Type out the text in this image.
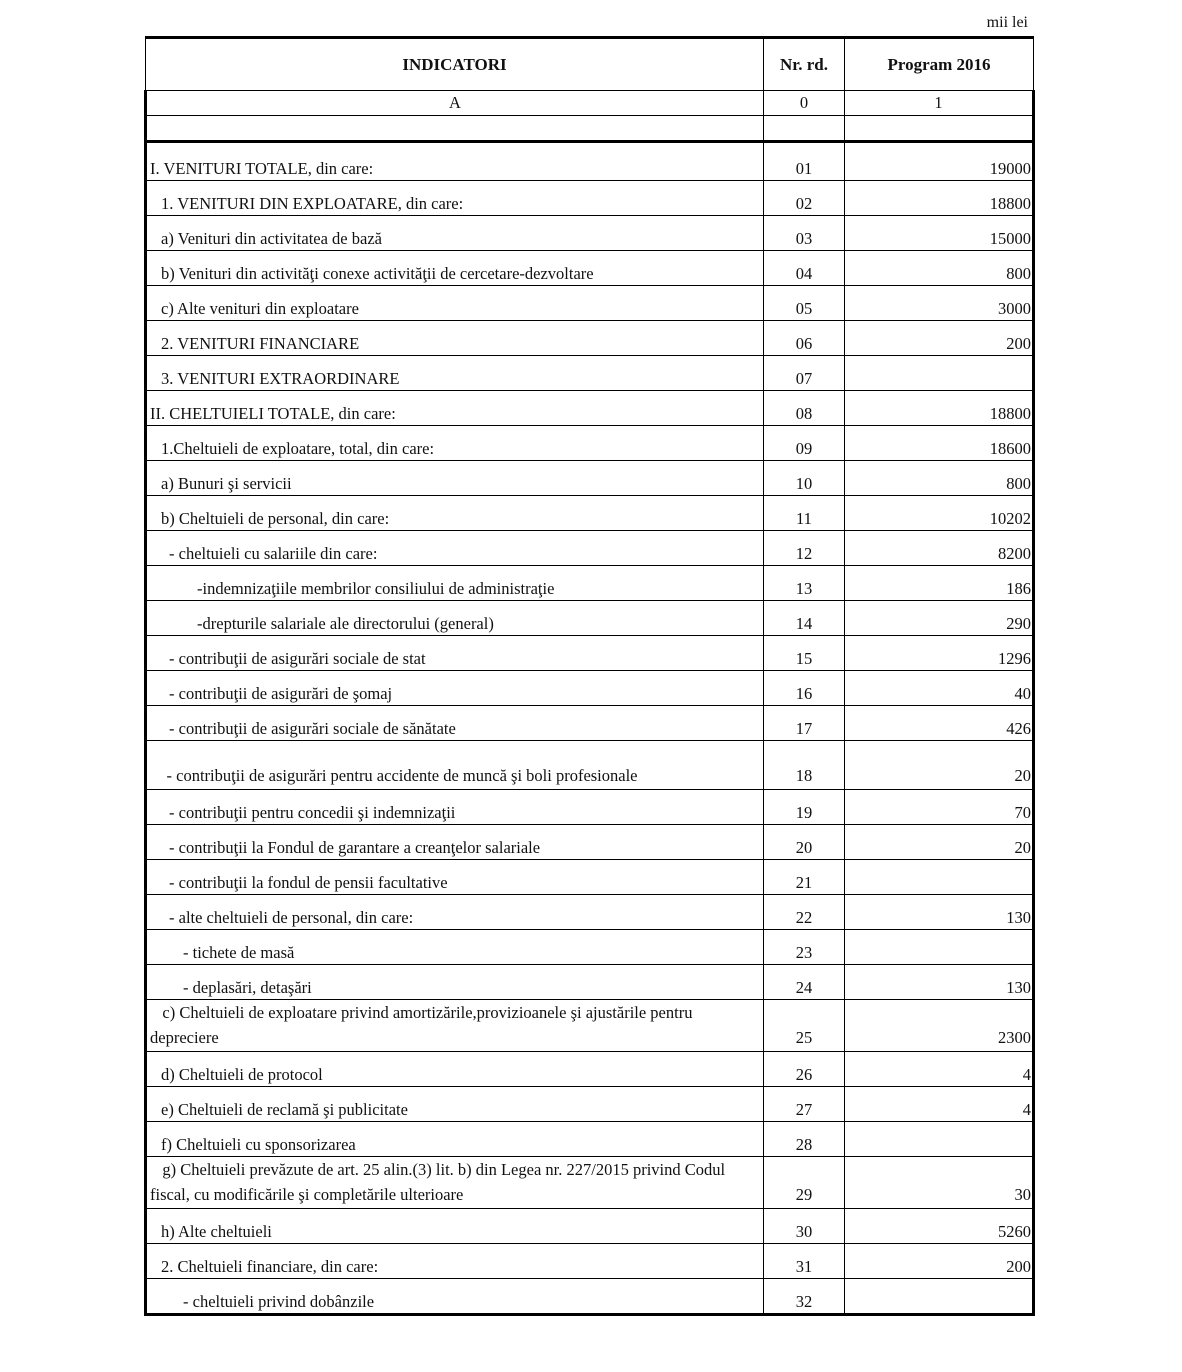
mii lei
INDICATORI	Nr. rd.	Program 2016
A	0	1

I. VENITURI TOTALE, din care:	01	19000
1. VENITURI DIN EXPLOATARE, din care:	02	18800
a) Venituri din activitatea de bază	03	15000
b) Venituri din activităţi conexe activităţii de cercetare-dezvoltare	04	800
c) Alte venituri din exploatare	05	3000
2. VENITURI FINANCIARE	06	200
3. VENITURI EXTRAORDINARE	07	
II. CHELTUIELI TOTALE, din care:	08	18800
1.Cheltuieli de exploatare, total, din care:	09	18600
a) Bunuri şi servicii	10	800
b) Cheltuieli de personal, din care:	11	10202
- cheltuieli cu salariile din care:	12	8200
-indemnizaţiile membrilor consiliului de administraţie	13	186
-drepturile salariale ale directorului (general)	14	290
- contribuţii de asigurări sociale de stat	15	1296
- contribuţii de asigurări de şomaj	16	40
- contribuţii de asigurări sociale de sănătate	17	426
- contribuţii de asigurări pentru accidente de muncă şi boli profesionale	18	20
- contribuţii pentru concedii şi indemnizaţii	19	70
- contribuţii la Fondul de garantare a creanţelor salariale	20	20
- contribuţii la fondul de pensii facultative	21	
- alte cheltuieli de personal, din care:	22	130
- tichete de masă	23	
- deplasări, detaşări	24	130
c) Cheltuieli de exploatare privind amortizările,provizioanele şi ajustările pentru depreciere	25	2300
d) Cheltuieli de protocol	26	4
e) Cheltuieli de reclamă şi publicitate	27	4
f) Cheltuieli cu sponsorizarea	28	
g) Cheltuieli prevăzute de art. 25 alin.(3) lit. b) din Legea nr. 227/2015 privind Codul fiscal, cu modificările şi completările ulterioare	29	30
h) Alte cheltuieli	30	5260
2. Cheltuieli financiare, din care:	31	200
- cheltuieli privind dobânzile	32	
